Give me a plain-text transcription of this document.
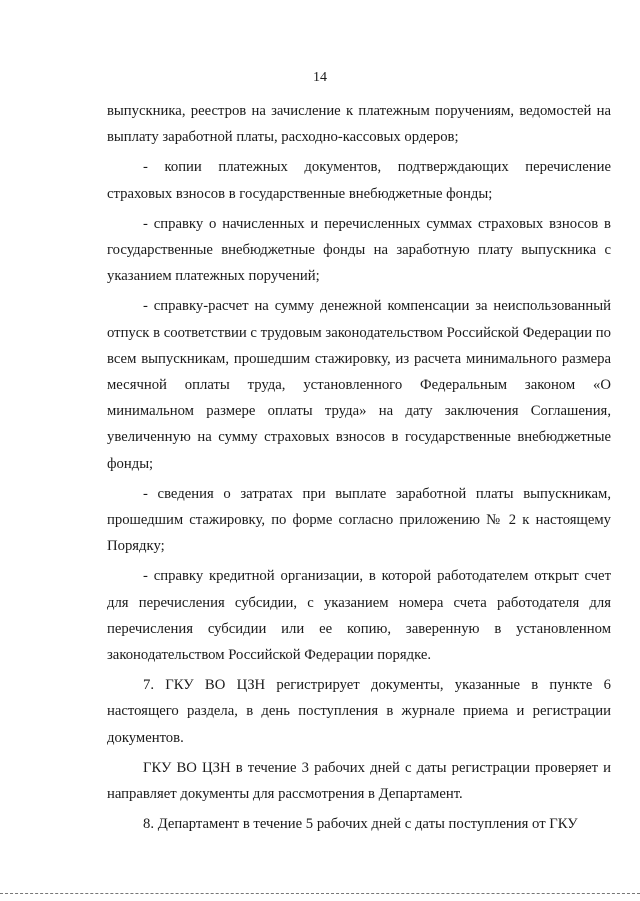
14

выпускника, реестров на зачисление к платежным поручениям, ведомостей на выплату заработной платы, расходно-кассовых ордеров;

- копии платежных документов, подтверждающих перечисление страховых взносов в государственные внебюджетные фонды;

- справку о начисленных и перечисленных суммах страховых взносов в государственные внебюджетные фонды на заработную плату выпускника с указанием платежных поручений;

- справку-расчет на сумму денежной компенсации за неиспользованный отпуск в соответствии с трудовым законодательством Российской Федерации по всем выпускникам, прошедшим стажировку, из расчета минимального размера месячной оплаты труда, установленного Федеральным законом «О минимальном размере оплаты труда» на дату заключения Соглашения, увеличенную на сумму страховых взносов в государственные внебюджетные фонды;

- сведения о затратах при выплате заработной платы выпускникам, прошедшим стажировку, по форме согласно приложению № 2 к настоящему Порядку;

- справку кредитной организации, в которой работодателем открыт счет для перечисления субсидии, с указанием номера счета работодателя для перечисления субсидии или ее копию, заверенную в установленном законодательством Российской Федерации порядке.

7. ГКУ ВО ЦЗН регистрирует документы, указанные в пункте 6 настоящего раздела, в день поступления в журнале приема и регистрации документов.

ГКУ ВО ЦЗН в течение 3 рабочих дней с даты регистрации проверяет и направляет документы для рассмотрения в Департамент.

8. Департамент в течение 5 рабочих дней с даты поступления от ГКУ
